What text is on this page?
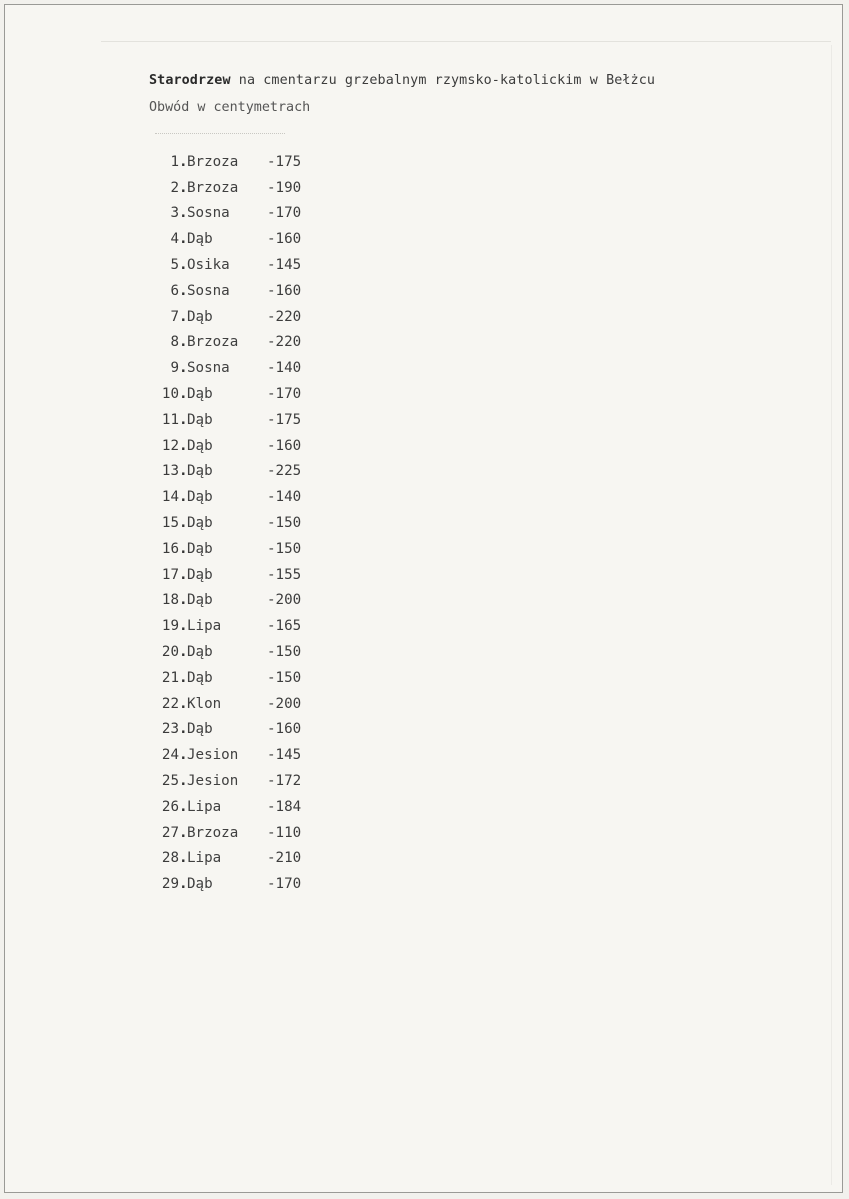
Starodrzew na cmentarzu grzebalnym rzymsko-katolickim w Bełżcu
Obwód w centymetrach
1 . Brzoza	-175
2 . Brzoza	-190
3 . Sosna	-170
4 . Dąb	-160
5 . Osika	-145
6 . Sosna	-160
7 . Dąb	-220
8 . Brzoza	-220
9 . Sosna	-140
10 . Dąb	-170
11 . Dąb	-175
12 . Dąb	-160
13 . Dąb	-225
14 . Dąb	-140
15 . Dąb	-150
16 . Dąb	-150
17 . Dąb	-155
18 . Dąb	-200
19 . Lipa	-165
20 . Dąb	-150
21 . Dąb	-150
22 . Klon	-200
23 . Dąb	-160
24 . Jesion	-145
25 . Jesion	-172
26 . Lipa	-184
27 . Brzoza	-110
28 . Lipa	-210
29 . Dąb	-170
